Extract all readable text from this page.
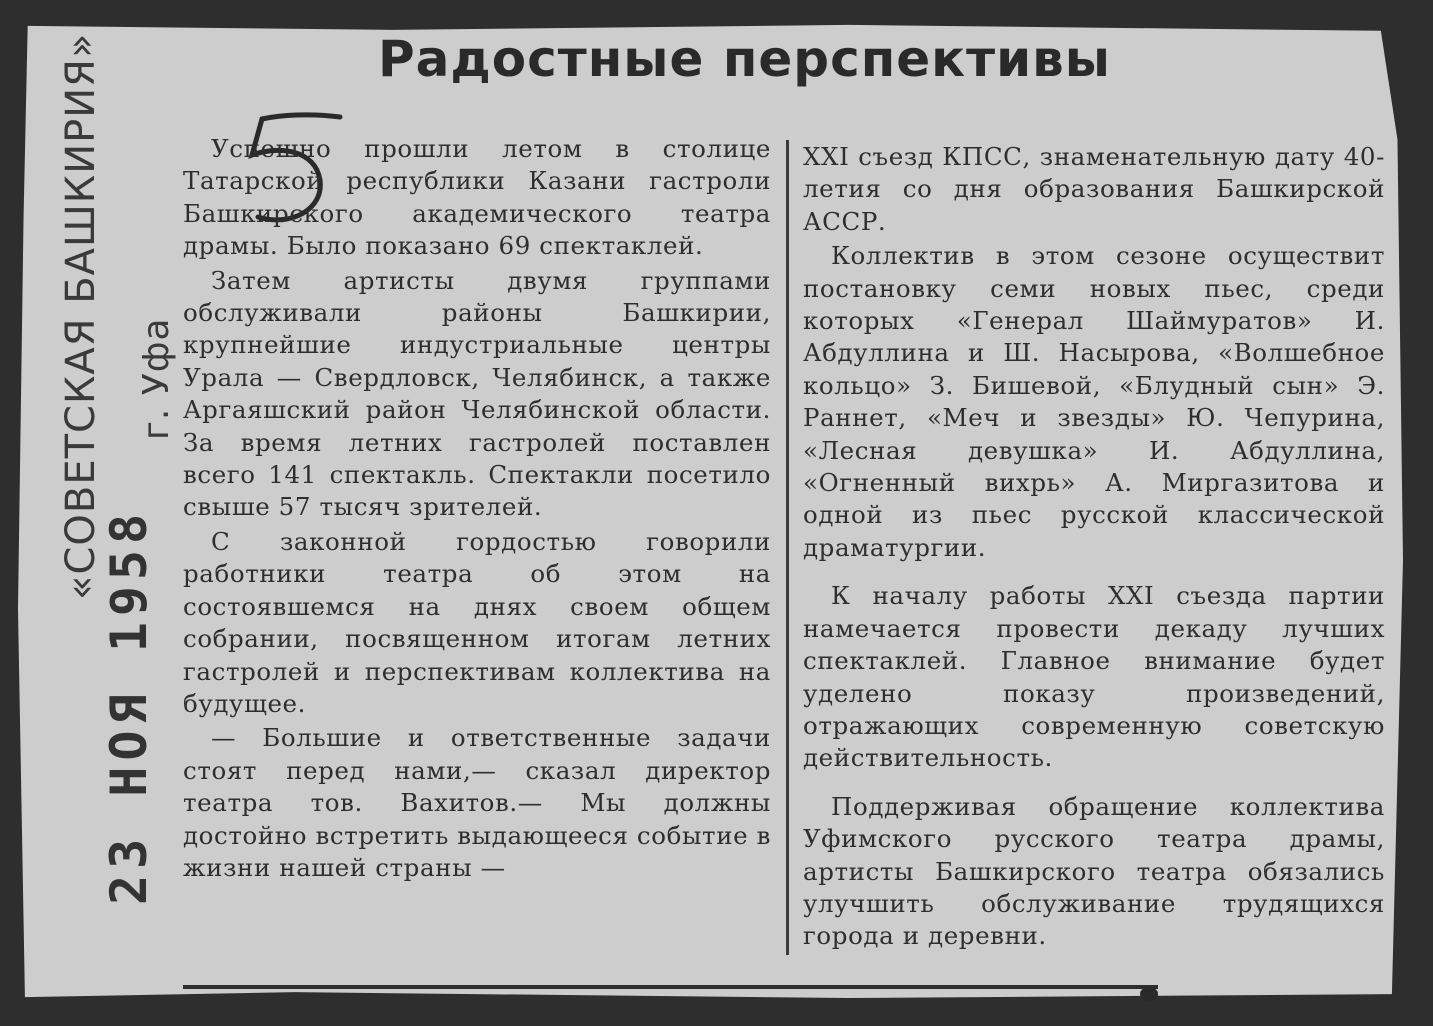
Радостные перспективы
«СОВЕТСКАЯ БАШКИРИЯ» г. Уфа
23 НОЯ 1958

Успешно прошли летом в столице Татарской республики Казани гастроли Башкирского академического театра драмы. Было показано 69 спектаклей.

Затем артисты двумя группами обслуживали районы Башкирии, крупнейшие индустриальные центры Урала — Свердловск, Челябинск, а также Аргаяшский район Челябинской области. За время летних гастролей поставлен всего 141 спектакль. Спектакли посетило свыше 57 тысяч зрителей.

С законной гордостью говорили работники театра об этом на состоявшемся на днях своем общем собрании, посвященном итогам летних гастролей и перспективам коллектива на будущее.

— Большие и ответственные задачи стоят перед нами,— сказал директор театра тов. Вахитов.— Мы должны достойно встретить выдающееся событие в жизни нашей страны —

XXI съезд КПСС, знаменательную дату 40-летия со дня образования Башкирской АССР.

Коллектив в этом сезоне осуществит постановку семи новых пьес, среди которых «Генерал Шаймуратов» И. Абдуллина и Ш. Насырова, «Волшебное кольцо» З. Бишевой, «Блудный сын» Э. Раннет, «Меч и звезды» Ю. Чепурина, «Лесная девушка» И. Абдуллина, «Огненный вихрь» А. Миргазитова и одной из пьес русской классической драматургии.

К началу работы XXI съезда партии намечается провести декаду лучших спектаклей. Главное внимание будет уделено показу произведений, отражающих современную советскую действительность.

Поддерживая обращение коллектива Уфимского русского театра драмы, артисты Башкирского театра обязались улучшить обслуживание трудящихся города и деревни.
